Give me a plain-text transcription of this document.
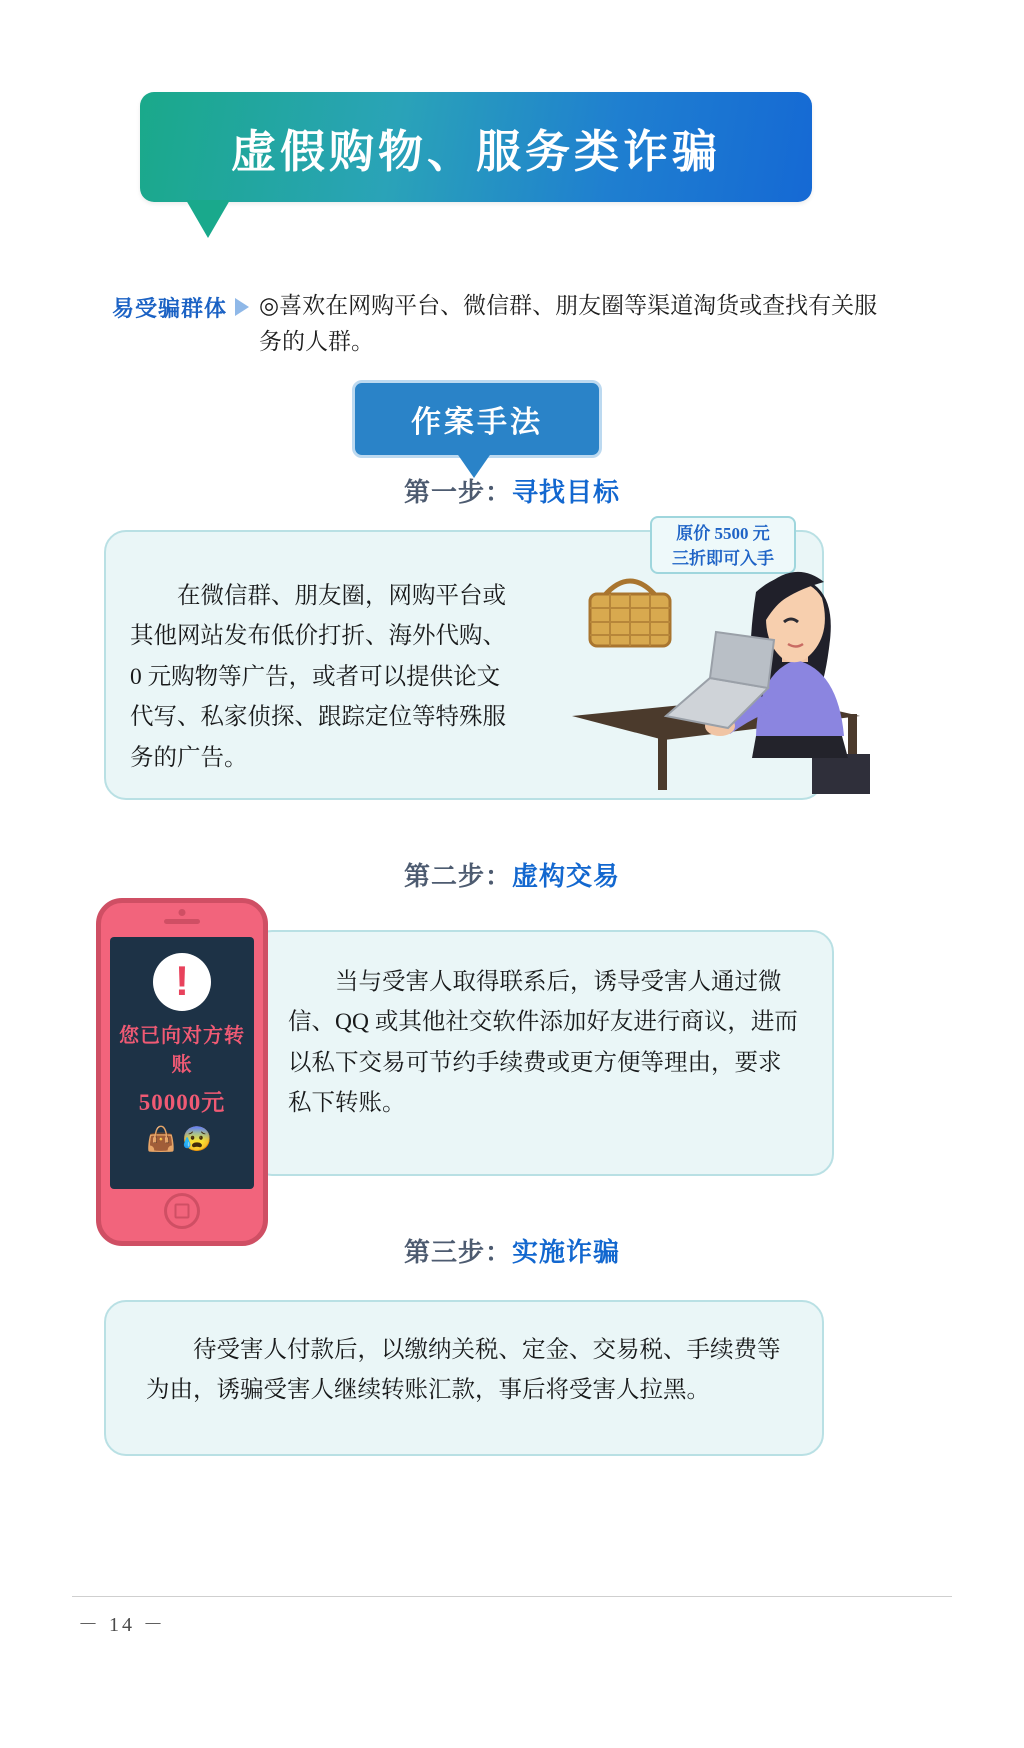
虚假购物、服务类诈骗
易受骗群体 ◎喜欢在网购平台、微信群、朋友圈等渠道淘货或查找有关服务的人群。
作案手法
第一步：寻找目标
在微信群、朋友圈，网购平台或其他网站发布低价打折、海外代购、0 元购物等广告，或者可以提供论文代写、私家侦探、跟踪定位等特殊服务的广告。
原价 5500 元
三折即可入手
第二步：虚构交易
当与受害人取得联系后，诱导受害人通过微信、QQ 或其他社交软件添加好友进行商议，进而以私下交易可节约手续费或更方便等理由，要求私下转账。
!
您已向对方转账
50000元
👜😰
第三步：实施诈骗
待受害人付款后，以缴纳关税、定金、交易税、手续费等为由，诱骗受害人继续转账汇款，事后将受害人拉黑。
－ 14 －
